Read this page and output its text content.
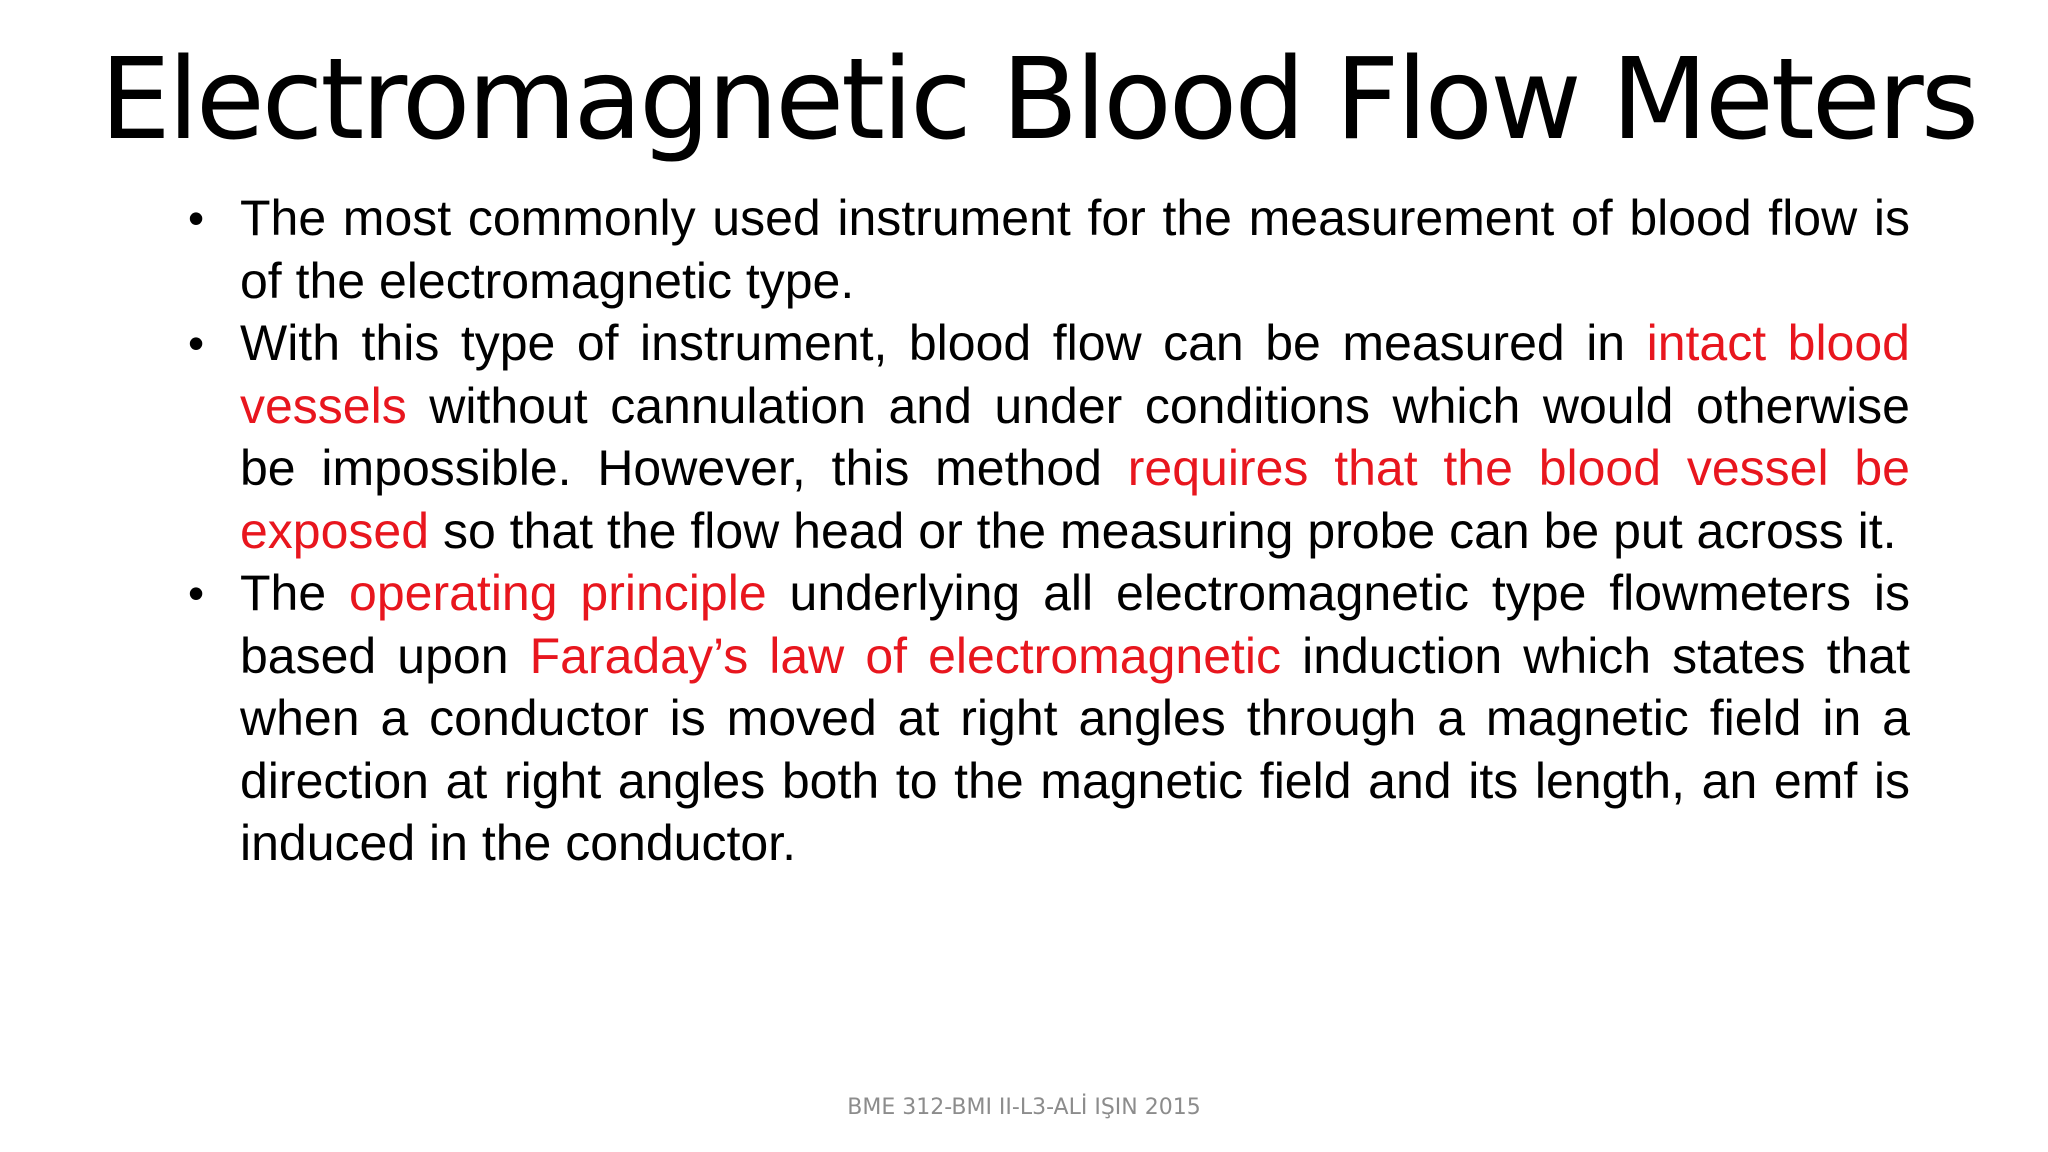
Electromagnetic Blood Flow Meters
• The most commonly used instrument for the measurement of blood flow is of the electromagnetic type.
• With this type of instrument, blood flow can be measured in intact blood vessels without cannulation and under conditions which would otherwise be impossible. However, this method requires that the blood vessel be exposed so that the flow head or the measuring probe can be put across it.
• The operating principle underlying all electromagnetic type flowmeters is based upon Faraday’s law of electromagnetic induction which states that when a conductor is moved at right angles through a magnetic field in a direction at right angles both to the magnetic field and its length, an emf is induced in the conductor.
BME 312-BMI II-L3-ALİ IŞIN 2015
